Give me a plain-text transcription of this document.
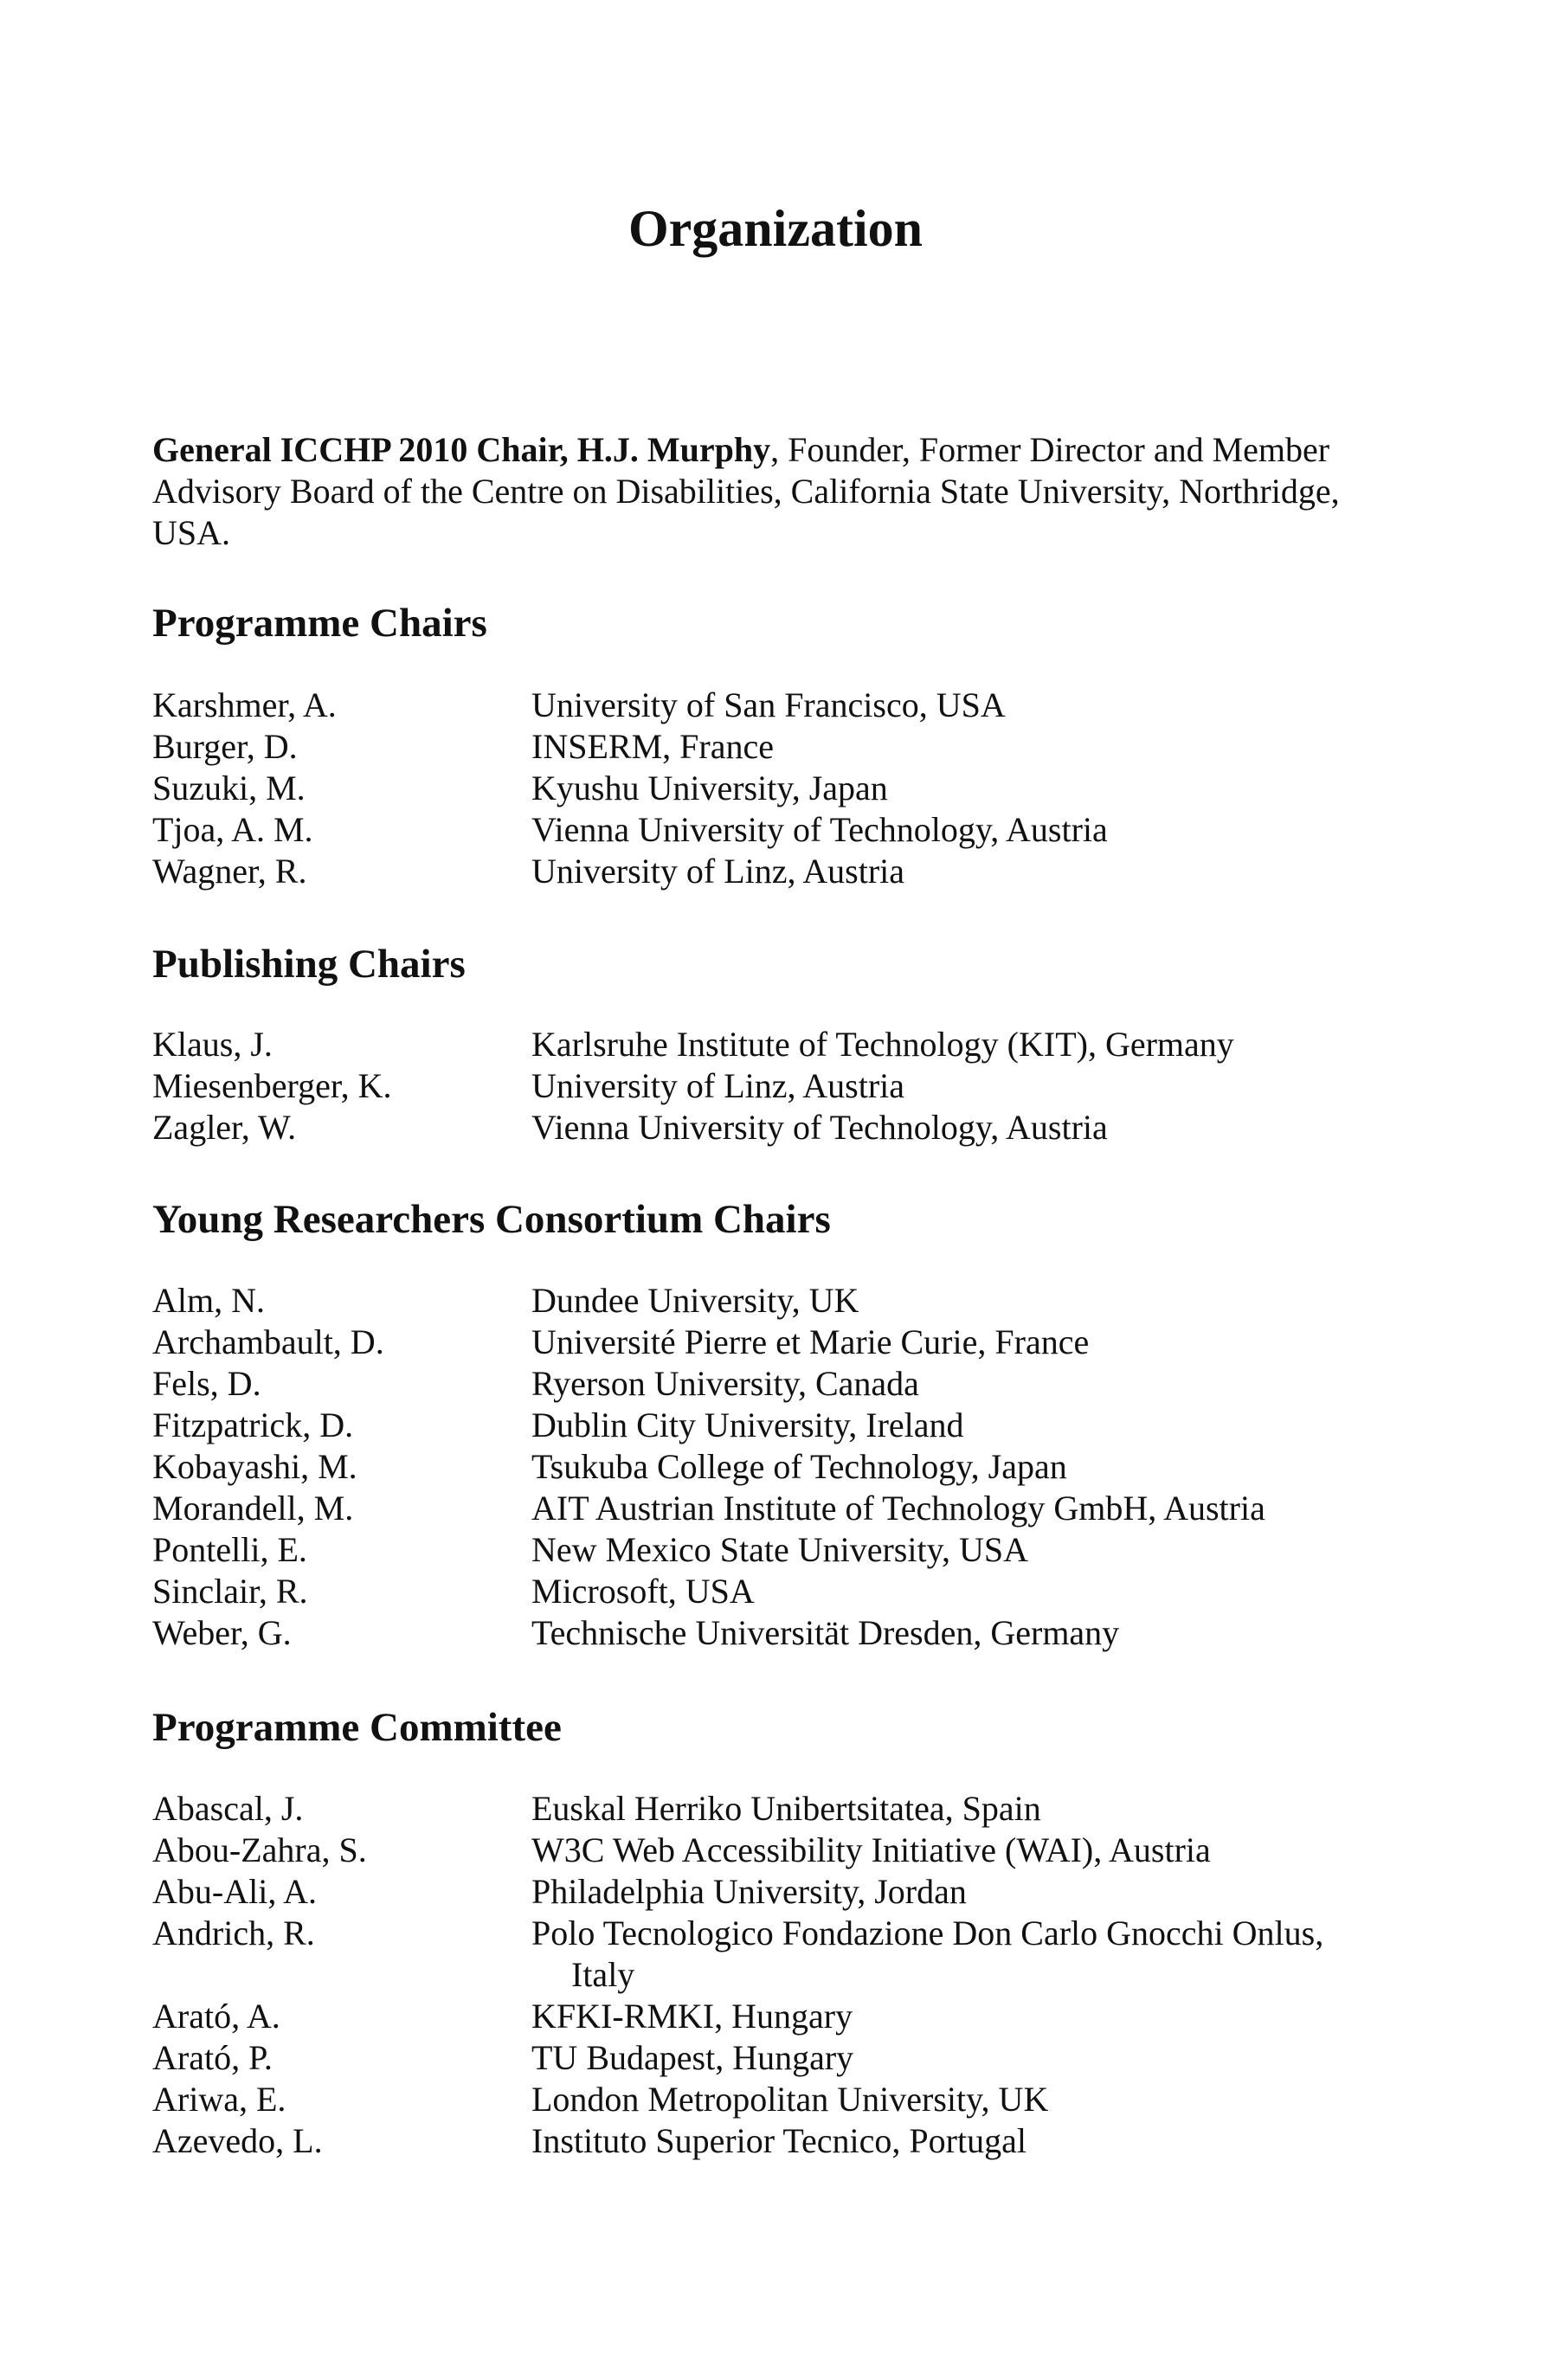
Organization

General ICCHP 2010 Chair, H.J. Murphy, Founder, Former Director and Member Advisory Board of the Centre on Disabilities, California State University, Northridge, USA.

Programme Chairs
Karshmer, A.	University of San Francisco, USA
Burger, D.	INSERM, France
Suzuki, M.	Kyushu University, Japan
Tjoa, A. M.	Vienna University of Technology, Austria
Wagner, R.	University of Linz, Austria
Publishing Chairs
Klaus, J.	Karlsruhe Institute of Technology (KIT), Germany
Miesenberger, K.	University of Linz, Austria
Zagler, W.	Vienna University of Technology, Austria
Young Researchers Consortium Chairs
Alm, N.	Dundee University, UK
Archambault, D.	Université Pierre et Marie Curie, France
Fels, D.	Ryerson University, Canada
Fitzpatrick, D.	Dublin City University, Ireland
Kobayashi, M.	Tsukuba College of Technology, Japan
Morandell, M.	AIT Austrian Institute of Technology GmbH, Austria
Pontelli, E.	New Mexico State University, USA
Sinclair, R.	Microsoft, USA
Weber, G.	Technische Universität Dresden, Germany
Programme Committee
Abascal, J.	Euskal Herriko Unibertsitatea, Spain
Abou-Zahra, S.	W3C Web Accessibility Initiative (WAI), Austria
Abu-Ali, A.	Philadelphia University, Jordan
Andrich, R.	Polo Tecnologico Fondazione Don Carlo Gnocchi Onlus,
Italy
Arató, A.	KFKI-RMKI, Hungary
Arató, P.	TU Budapest, Hungary
Ariwa, E.	London Metropolitan University, UK
Azevedo, L.	Instituto Superior Tecnico, Portugal
